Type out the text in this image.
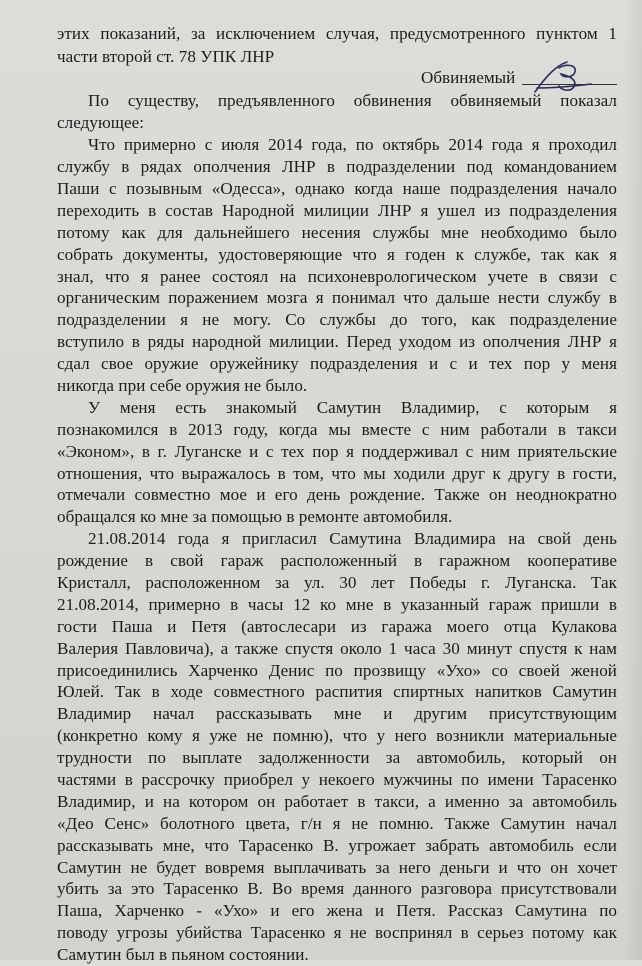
этих показаний, за исключением случая, предусмотренного пунктом 1
части второй ст. 78 УПК ЛНР
Обвиняемый
По существу, предъявленного обвинения обвиняемый показал
следующее:
Что примерно с июля 2014 года, по октябрь 2014 года я проходил
службу в рядах ополчения ЛНР в подразделении под командованием
Паши с позывным «Одесса», однако когда наше подразделения начало
переходить в состав Народной милиции ЛНР я ушел из подразделения
потому как для дальнейшего несения службы мне необходимо было
собрать документы, удостоверяющие что я годен к службе, так как я
знал, что я ранее состоял на психоневрологическом учете в связи с
органическим поражением мозга я понимал что дальше нести службу в
подразделении я не могу. Со службы до того, как подразделение
вступило в ряды народной милиции. Перед уходом из ополчения ЛНР я
сдал свое оружие оружейнику подразделения и с и тех пор у меня
никогда при себе оружия не было.
У меня есть знакомый Самутин Владимир, с которым я
познакомился в 2013 году, когда мы вместе с ним работали в такси
«Эконом», в г. Луганске и с тех пор я поддерживал с ним приятельские
отношения, что выражалось в том, что мы ходили друг к другу в гости,
отмечали совместно мое и его день рождение. Также он неоднократно
обращался ко мне за помощью в ремонте автомобиля.
21.08.2014 года я пригласил Самутина Владимира на свой день
рождение в свой гараж расположенный в гаражном кооперативе
Кристалл, расположенном за ул. 30 лет Победы г. Луганска. Так
21.08.2014, примерно в часы 12 ко мне в указанный гараж пришли в
гости Паша и Петя (автослесари из гаража моего отца Кулакова
Валерия Павловича), а также спустя около 1 часа 30 минут спустя к нам
присоединились Харченко Денис по прозвищу «Ухо» со своей женой
Юлей. Так в ходе совместного распития спиртных напитков Самутин
Владимир начал рассказывать мне и другим присутствующим
(конкретно кому я уже не помню), что у него возникли материальные
трудности по выплате задолженности за автомобиль, который он
частями в рассрочку приобрел у некоего мужчины по имени Тарасенко
Владимир, и на котором он работает в такси, а именно за автомобиль
«Део Сенс» болотного цвета, г/н я не помню. Также Самутин начал
рассказывать мне, что Тарасенко В. угрожает забрать автомобиль если
Самутин не будет вовремя выплачивать за него деньги и что он хочет
убить за это Тарасенко В. Во время данного разговора присутствовали
Паша, Харченко - «Ухо» и его жена и Петя. Рассказ Самутина по
поводу угрозы убийства Тарасенко я не воспринял в серьез потому как
Самутин был в пьяном состоянии.
